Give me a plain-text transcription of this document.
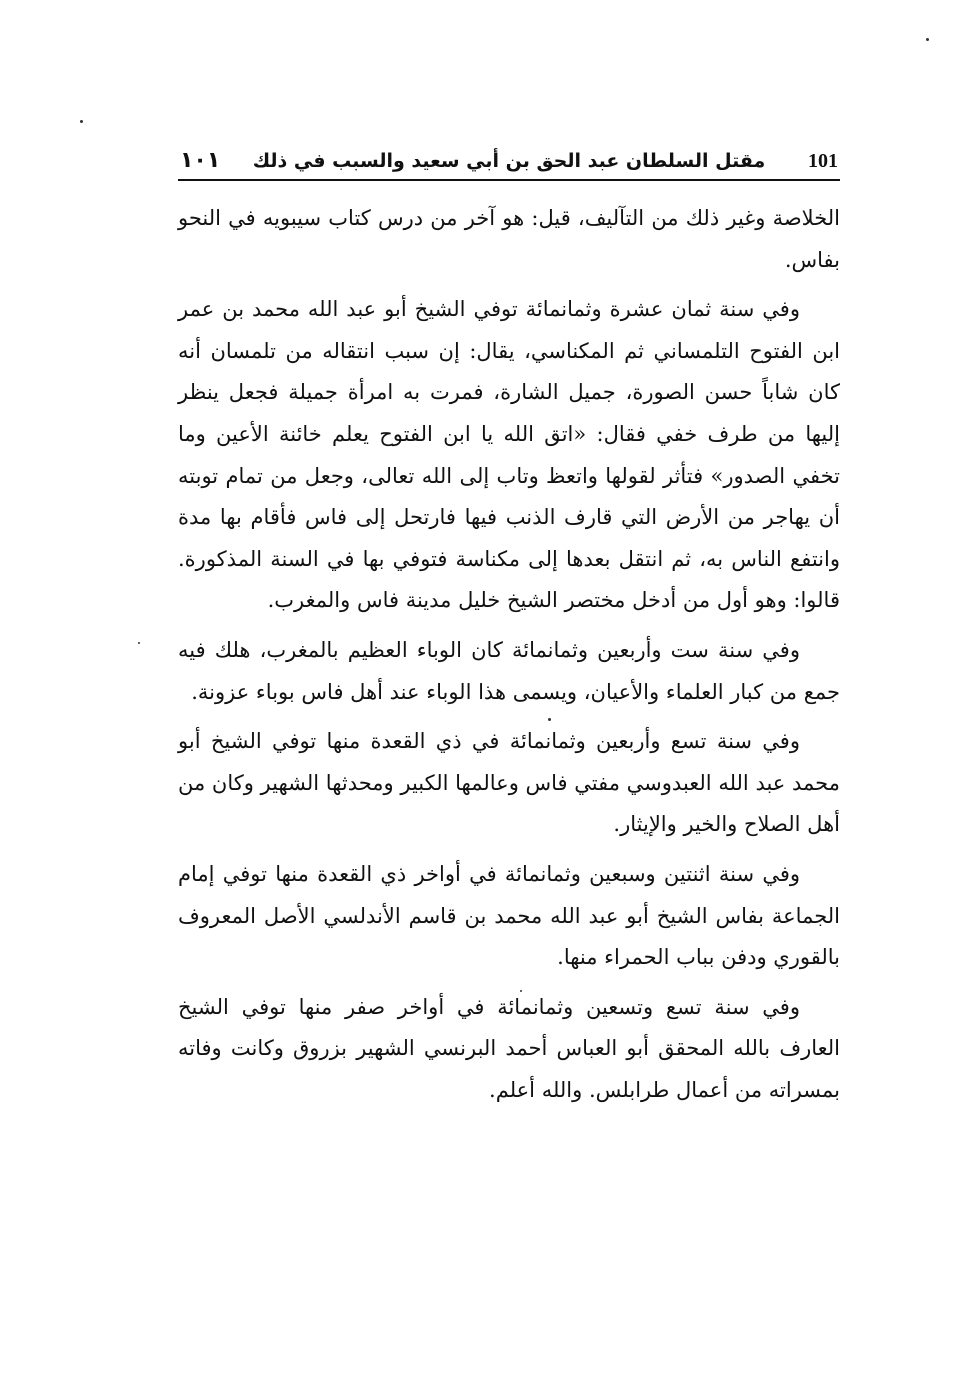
١٠١	مقتل السلطان عبد الحق بن أبي سعيد والسبب في ذلك	101

الخلاصة وغير ذلك من التآليف، قيل: هو آخر من درس كتاب سيبويه في النحو بفاس.

وفي سنة ثمان عشرة وثمانمائة توفي الشيخ أبو عبد الله محمد بن عمر ابن الفتوح التلمساني ثم المكناسي، يقال: إن سبب انتقاله من تلمسان أنه كان شاباً حسن الصورة، جميل الشارة، فمرت به امرأة جميلة فجعل ينظر إليها من طرف خفي فقال: «اتق الله يا ابن الفتوح يعلم خائنة الأعين وما تخفي الصدور» فتأثر لقولها واتعظ وتاب إلى الله تعالى، وجعل من تمام توبته أن يهاجر من الأرض التي قارف الذنب فيها فارتحل إلى فاس فأقام بها مدة وانتفع الناس به، ثم انتقل بعدها إلى مكناسة فتوفي بها في السنة المذكورة. قالوا: وهو أول من أدخل مختصر الشيخ خليل مدينة فاس والمغرب.

وفي سنة ست وأربعين وثمانمائة كان الوباء العظيم بالمغرب، هلك فيه جمع من كبار العلماء والأعيان، ويسمى هذا الوباء عند أهل فاس بوباء عزونة.

وفي سنة تسع وأربعين وثمانمائة في ذي القعدة منها توفي الشيخ أبو محمد عبد الله العبدوسي مفتي فاس وعالمها الكبير ومحدثها الشهير وكان من أهل الصلاح والخير والإيثار.

وفي سنة اثنتين وسبعين وثمانمائة في أواخر ذي القعدة منها توفي إمام الجماعة بفاس الشيخ أبو عبد الله محمد بن قاسم الأندلسي الأصل المعروف بالقوري ودفن بباب الحمراء منها.

وفي سنة تسع وتسعين وثمانمائة في أواخر صفر منها توفي الشيخ العارف بالله المحقق أبو العباس أحمد البرنسي الشهير بزروق وكانت وفاته بمسراته من أعمال طرابلس. والله أعلم.
